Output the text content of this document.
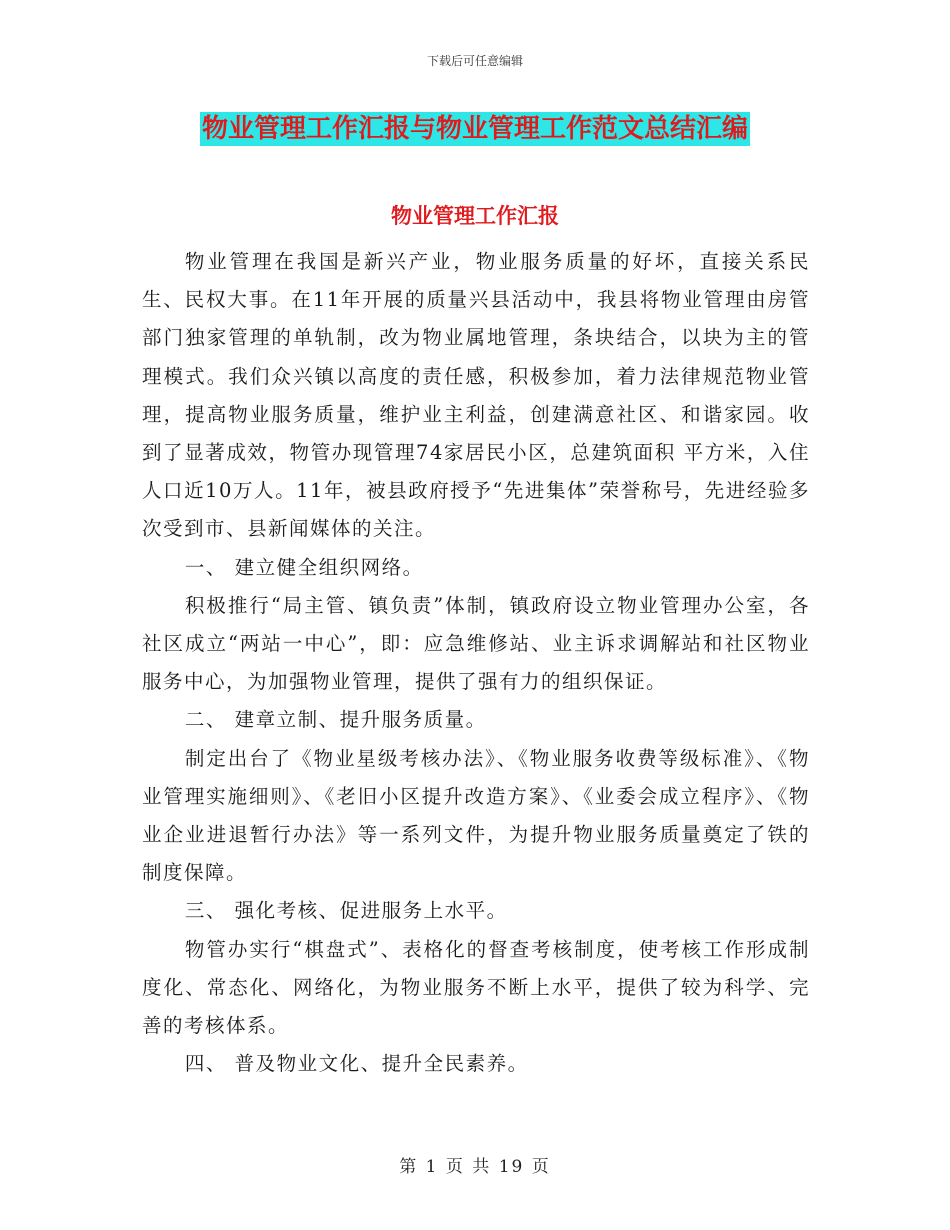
下载后可任意编辑
物业管理工作汇报与物业管理工作范文总结汇编
物业管理工作汇报

物业管理在我国是新兴产业，物业服务质量的好坏，直接关系民生、民权大事。在11年开展的质量兴县活动中，我县将物业管理由房管部门独家管理的单轨制，改为物业属地管理，条块结合，以块为主的管理模式。我们众兴镇以高度的责任感，积极参加，着力法律规范物业管理，提高物业服务质量，维护业主利益，创建满意社区、和谐家园。收到了显著成效，物管办现管理74家居民小区，总建筑面积 平方米，入住人口近10万人。11年，被县政府授予“先进集体”荣誉称号，先进经验多次受到市、县新闻媒体的关注。

一、 建立健全组织网络。

积极推行“局主管、镇负责”体制，镇政府设立物业管理办公室，各社区成立“两站一中心”，即：应急维修站、业主诉求调解站和社区物业服务中心，为加强物业管理，提供了强有力的组织保证。

二、 建章立制、提升服务质量。

制定出台了《物业星级考核办法》、《物业服务收费等级标准》、《物业管理实施细则》、《老旧小区提升改造方案》、《业委会成立程序》、《物业企业进退暂行办法》等一系列文件，为提升物业服务质量奠定了铁的制度保障。

三、 强化考核、促进服务上水平。

物管办实行“棋盘式”、表格化的督查考核制度，使考核工作形成制度化、常态化、网络化，为物业服务不断上水平，提供了较为科学、完善的考核体系。

四、 普及物业文化、提升全民素养。

第 1 页 共 19 页
